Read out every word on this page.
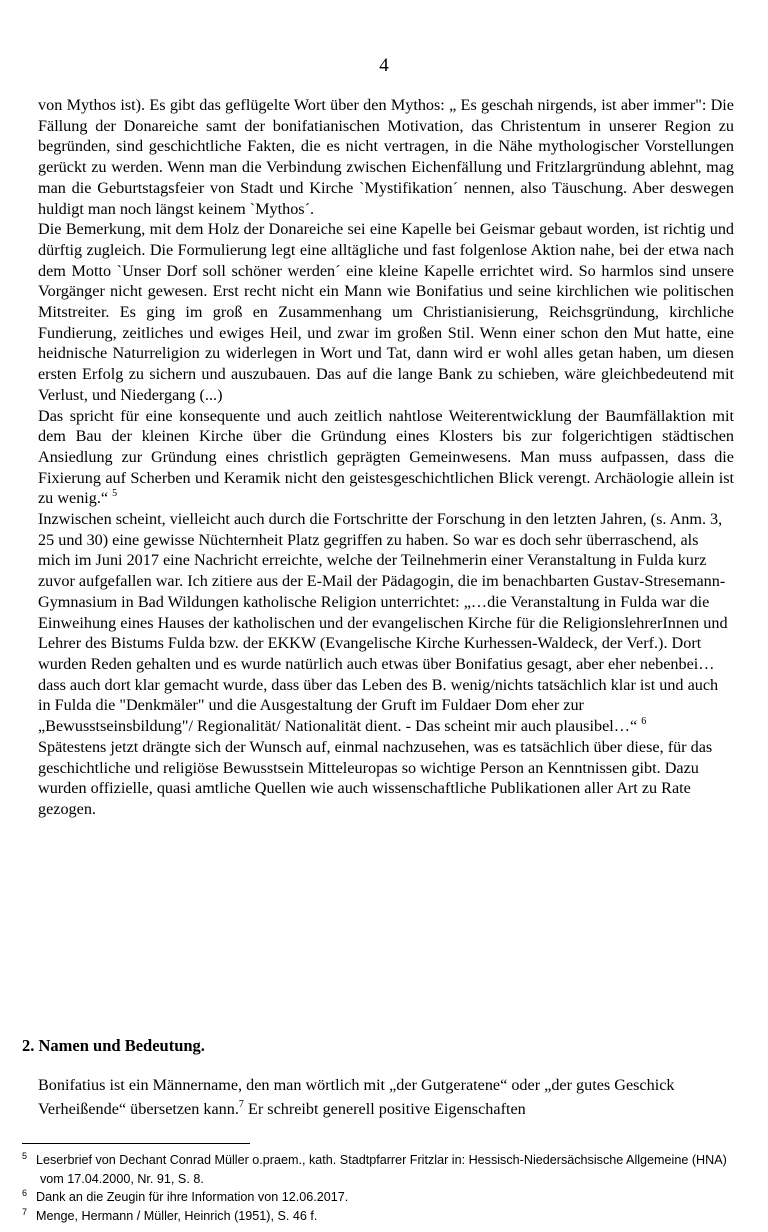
4

von Mythos ist). Es gibt das geflügelte Wort über den Mythos: „ Es geschah nirgends, ist aber immer": Die Fällung der Donareiche samt der bonifatianischen Motivation, das Christentum in unserer Region zu begründen, sind geschichtliche Fakten, die es nicht vertragen, in die Nähe mythologischer Vorstellungen gerückt zu werden. Wenn man die Verbindung zwischen Eichenfällung und Fritzlargründung ablehnt, mag man die Geburtstagsfeier von Stadt und Kirche `Mystifikation´ nennen, also Täuschung. Aber deswegen huldigt man noch längst keinem `Mythos´.

Die Bemerkung, mit dem Holz der Donareiche sei eine Kapelle bei Geismar gebaut worden, ist richtig und dürftig zugleich. Die Formulierung legt eine alltägliche und fast folgenlose Aktion nahe, bei der etwa nach dem Motto `Unser Dorf soll schöner werden´ eine kleine Kapelle errichtet wird. So harmlos sind unsere Vorgänger nicht gewesen. Erst recht nicht ein Mann wie Bonifatius und seine kirchlichen wie politischen Mitstreiter. Es ging im groß en Zusammenhang um Christianisierung, Reichsgründung, kirchliche Fundierung, zeitliches und ewiges Heil, und zwar im großen Stil. Wenn einer schon den Mut hatte, eine heidnische Naturreligion zu widerlegen in Wort und Tat, dann wird er wohl alles getan haben, um diesen ersten Erfolg zu sichern und auszubauen. Das auf die lange Bank zu schieben, wäre gleichbedeutend mit Verlust, und Niedergang (...)

Das spricht für eine konsequente und auch zeitlich nahtlose Weiterentwicklung der Baumfällaktion mit dem Bau der kleinen Kirche über die Gründung eines Klosters bis zur folgerichtigen städtischen Ansiedlung zur Gründung eines christlich geprägten Gemeinwesens. Man muss aufpassen, dass die Fixierung auf Scherben und Keramik nicht den geistesgeschichtlichen Blick verengt. Archäologie allein ist zu wenig.“ $^5$

Inzwischen scheint, vielleicht auch durch die Fortschritte der Forschung in den letzten Jahren, (s. Anm. 3, 25 und 30) eine gewisse Nüchternheit Platz gegriffen zu haben. So war es doch sehr überraschend, als mich im Juni 2017 eine Nachricht erreichte, welche der Teilnehmerin einer Veranstaltung in Fulda kurz zuvor aufgefallen war. Ich zitiere aus der E-Mail der Pädagogin, die im benachbarten Gustav-Stresemann-Gymnasium in Bad Wildungen katholische Religion unterrichtet: „…die Veranstaltung in Fulda war die Einweihung eines Hauses der katholischen und der evangelischen Kirche für die ReligionslehrerInnen und Lehrer des Bistums Fulda bzw. der EKKW (Evangelische Kirche Kurhessen-Waldeck, der Verf.). Dort wurden Reden gehalten und es wurde natürlich auch etwas über Bonifatius gesagt, aber eher nebenbei…dass auch dort klar gemacht wurde, dass über das Leben des B. wenig/nichts tatsächlich klar ist und auch in Fulda die "Denkmäler" und die Ausgestaltung der Gruft im Fuldaer Dom eher zur „Bewusstseinsbildung"/ Regionalität/ Nationalität dient. - Das scheint mir auch plausibel…“ $^6$

Spätestens jetzt drängte sich der Wunsch auf, einmal nachzusehen, was es tatsächlich über diese, für das geschichtliche und religiöse Bewusstsein Mitteleuropas so wichtige Person an Kenntnissen gibt. Dazu wurden offizielle, quasi amtliche Quellen wie auch wissenschaftliche Publikationen aller Art zu Rate gezogen.

2. Namen und Bedeutung.

Bonifatius ist ein Männername, den man wörtlich mit „der Gutgeratene“ oder „der gutes Geschick Verheißende“ übersetzen kann.$^7$ Er schreibt generell positive Eigenschaften

$^5$ Leserbrief von Dechant Conrad Müller o.praem., kath. Stadtpfarrer Fritzlar in: Hessisch-Niedersächsische Allgemeine (HNA) vom 17.04.2000, Nr. 91, S. 8.

$^6$ Dank an die Zeugin für ihre Information von 12.06.2017.

$^7$ Menge, Hermann / Müller, Heinrich (1951), S. 46 f.
